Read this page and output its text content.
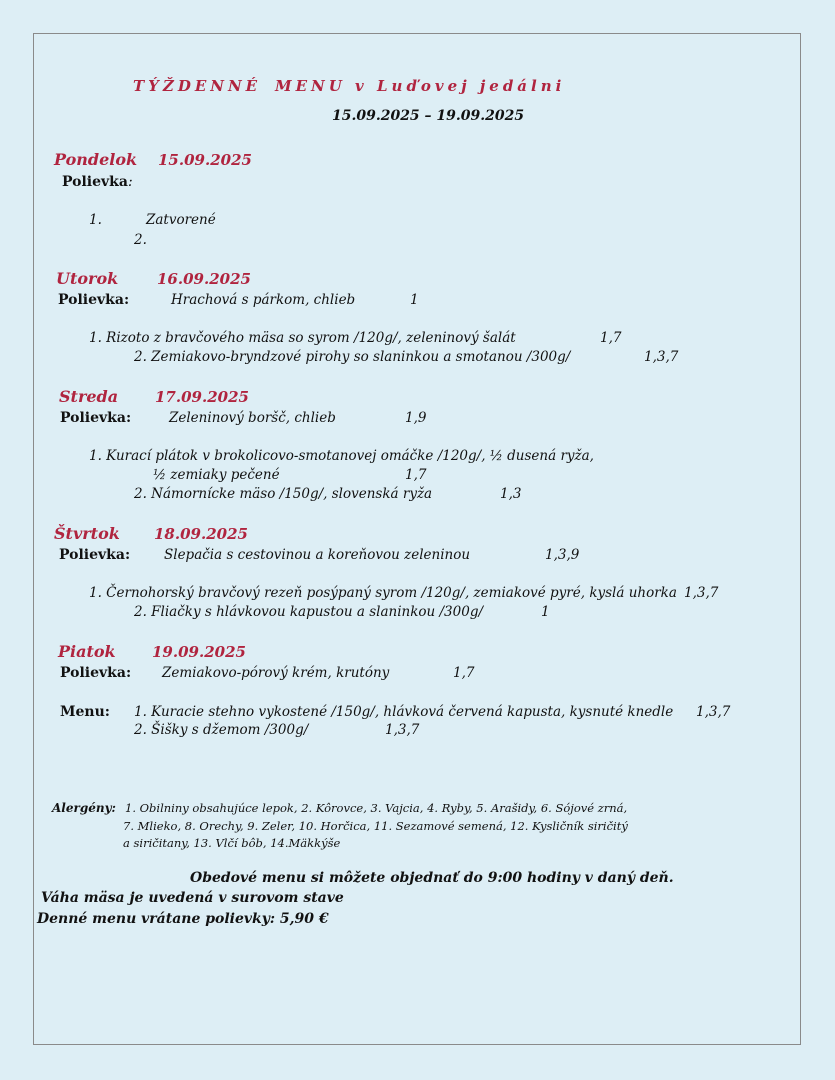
TÝŽDENNÉ MENU v Luďovej jedálni
15.09.2025 – 19.09.2025
Pondelok 15.09.2025
Polievka:
1.	Zatvorené
2.
Utorok	16.09.2025
Polievka:	Hrachová s párkom, chlieb	1
1. Rizoto z bravčového mäsa so syrom /120g/, zeleninový šalát	1,7
2. Zemiakovo-bryndzové pirohy so slaninkou a smotanou /300g/	1,3,7
Streda 17.09.2025
Polievka:	Zeleninový boršč, chlieb	1,9
1. Kurací plátok v brokolicovo-smotanovej omáčke /120g/, ½ dusená ryža,
½ zemiaky pečené	1,7
2. Námornícke mäso /150g/, slovenská ryža	1,3
Štvrtok 18.09.2025
Polievka:	Slepačia s cestovinou a koreňovou zeleninou	1,3,9
1. Černohorský bravčový rezeň posýpaný syrom /120g/, zemiakové pyré, kyslá uhorka 1,3,7
2. Fliačky s hlávkovou kapustou a slaninkou /300g/	1
Piatok 19.09.2025
Polievka: Zemiakovo-pórový krém, krutóny	1,7
Menu: 1. Kuracie stehno vykostené /150g/, hlávková červená kapusta, kysnuté knedle 1,3,7
2. Šišky s džemom /300g/	1,3,7
Alergény: 1. Obilniny obsahujúce lepok, 2. Kôrovce, 3. Vajcia, 4. Ryby, 5. Arašidy, 6. Sójové zrná,
7. Mlieko, 8. Orechy, 9. Zeler, 10. Horčica, 11. Sezamové semená, 12. Kysličník siričitý
a siričitany, 13. Vlčí bôb, 14.Mäkkýše
Obedové menu si môžete objednať do 9:00 hodiny v daný deň.
Váha mäsa je uvedená v surovom stave
Denné menu vrátane polievky: 5,90 €
